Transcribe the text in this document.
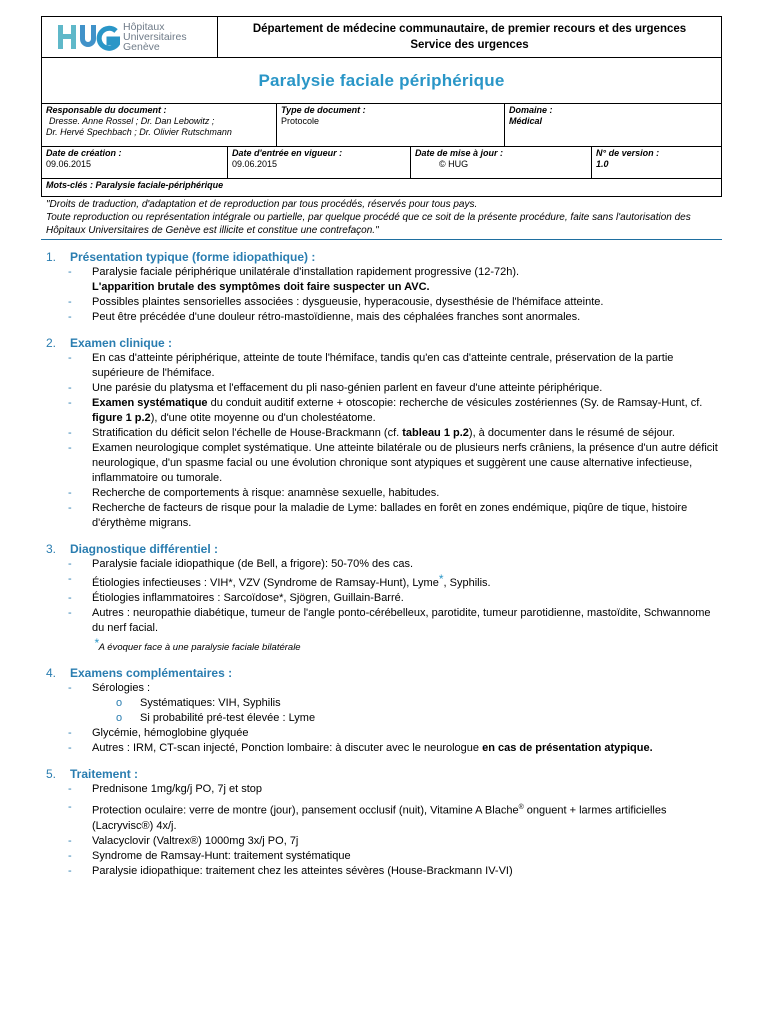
Hôpitaux
Universitaires
Genève
Département de médecine communautaire, de premier recours et des urgences
Service des urgences
Paralysie faciale périphérique
Responsable du document :
Dresse. Anne Rossel ; Dr. Dan Lebowitz ;
Dr. Hervé Spechbach ; Dr. Olivier Rutschmann
Type de document :
Protocole
Domaine :
Médical
Date de création :
09.06.2015
Date d'entrée en vigueur :
09.06.2015
Date de mise à jour :
© HUG
N° de version :
1.0
Mots-clés : Paralysie faciale-périphérique
"Droits de traduction, d'adaptation et de reproduction par tous procédés, réservés pour tous pays.
Toute reproduction ou représentation intégrale ou partielle, par quelque procédé que ce soit de la présente procédure, faite sans l'autorisation des Hôpitaux Universitaires de Genève est illicite et constitue une contrefaçon."
1. Présentation typique (forme idiopathique) :
- Paralysie faciale périphérique unilatérale d'installation rapidement progressive (12-72h).
L'apparition brutale des symptômes doit faire suspecter un AVC.
- Possibles plaintes sensorielles associées : dysgueusie, hyperacousie, dysesthésie de l'hémiface atteinte.
- Peut être précédée d'une douleur rétro-mastoïdienne, mais des céphalées franches sont anormales.
2. Examen clinique :
- En cas d'atteinte périphérique, atteinte de toute l'hémiface, tandis qu'en cas d'atteinte centrale, préservation de la partie supérieure de l'hémiface.
- Une parésie du platysma et l'effacement du pli naso-génien parlent en faveur d'une atteinte périphérique.
- Examen systématique du conduit auditif externe + otoscopie: recherche de vésicules zostériennes (Sy. de Ramsay-Hunt, cf. figure 1 p.2), d'une otite moyenne ou d'un cholestéatome.
- Stratification du déficit selon l'échelle de House-Brackmann (cf. tableau 1 p.2), à documenter dans le résumé de séjour.
- Examen neurologique complet systématique. Une atteinte bilatérale ou de plusieurs nerfs crâniens, la présence d'un autre déficit neurologique, d'un spasme facial ou une évolution chronique sont atypiques et suggèrent une cause alternative infectieuse, inflammatoire ou tumorale.
- Recherche de comportements à risque: anamnèse sexuelle, habitudes.
- Recherche de facteurs de risque pour la maladie de Lyme: ballades en forêt en zones endémique, piqûre de tique, histoire d'érythème migrans.
3. Diagnostique différentiel :
- Paralysie faciale idiopathique (de Bell, a frigore): 50-70% des cas.
- Étiologies infectieuses : VIH*, VZV (Syndrome de Ramsay-Hunt), Lyme*, Syphilis.
- Étiologies inflammatoires : Sarcoïdose*, Sjögren, Guillain-Barré.
- Autres : neuropathie diabétique, tumeur de l'angle ponto-cérébelleux, parotidite, tumeur parotidienne, mastoïdite, Schwannome du nerf facial.
*A évoquer face à une paralysie faciale bilatérale
4. Examens complémentaires :
- Sérologies :
o Systématiques: VIH, Syphilis
o Si probabilité pré-test élevée : Lyme
- Glycémie, hémoglobine glyquée
- Autres : IRM, CT-scan injecté, Ponction lombaire: à discuter avec le neurologue en cas de présentation atypique.
5. Traitement :
- Prednisone 1mg/kg/j PO, 7j et stop
- Protection oculaire: verre de montre (jour), pansement occlusif (nuit), Vitamine A Blache® onguent + larmes artificielles (Lacryvisc®) 4x/j.
- Valacyclovir (Valtrex®) 1000mg 3x/j PO, 7j
- Syndrome de Ramsay-Hunt: traitement systématique
- Paralysie idiopathique: traitement chez les atteintes sévères (House-Brackmann IV-VI)
